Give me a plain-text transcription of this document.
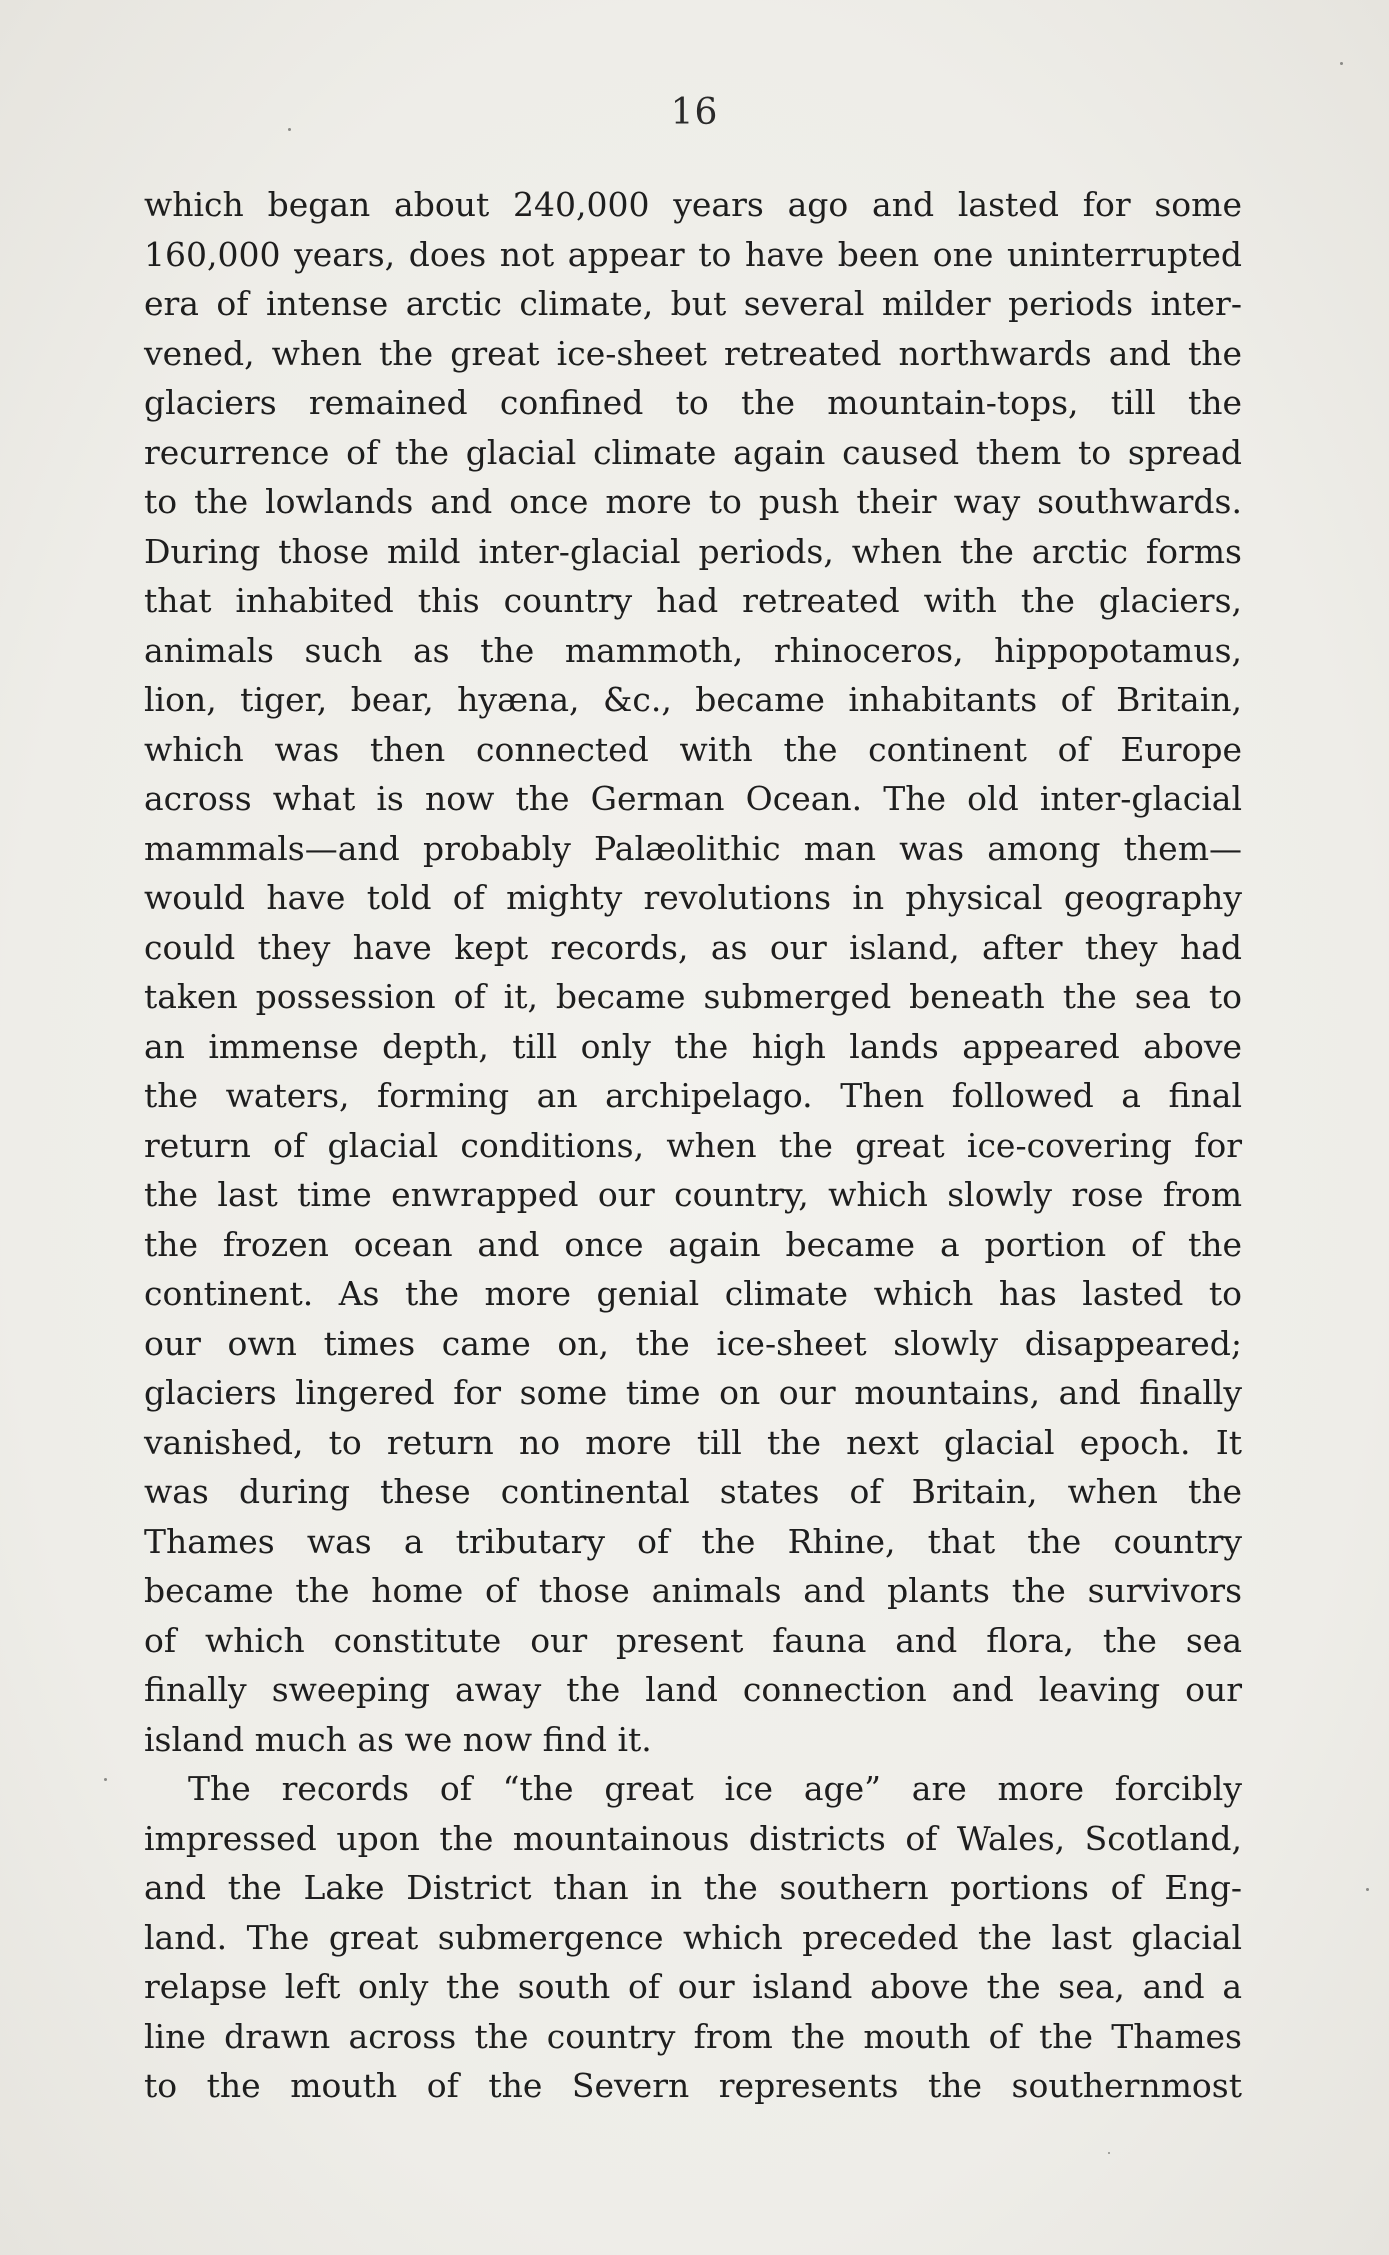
16
which began about 240,000 years ago and lasted for some
160,000 years, does not appear to have been one uninterrupted
era of intense arctic climate, but several milder periods inter-
vened, when the great ice-sheet retreated northwards and the
glaciers remained confined to the mountain-tops, till the
recurrence of the glacial climate again caused them to spread
to the lowlands and once more to push their way southwards.
During those mild inter-glacial periods, when the arctic forms
that inhabited this country had retreated with the glaciers,
animals such as the mammoth, rhinoceros, hippopotamus,
lion, tiger, bear, hyæna, &c., became inhabitants of Britain,
which was then connected with the continent of Europe
across what is now the German Ocean. The old inter-glacial
mammals—and probably Palæolithic man was among them—
would have told of mighty revolutions in physical geography
could they have kept records, as our island, after they had
taken possession of it, became submerged beneath the sea to
an immense depth, till only the high lands appeared above
the waters, forming an archipelago. Then followed a final
return of glacial conditions, when the great ice-covering for
the last time enwrapped our country, which slowly rose from
the frozen ocean and once again became a portion of the
continent. As the more genial climate which has lasted to
our own times came on, the ice-sheet slowly disappeared;
glaciers lingered for some time on our mountains, and finally
vanished, to return no more till the next glacial epoch. It
was during these continental states of Britain, when the
Thames was a tributary of the Rhine, that the country
became the home of those animals and plants the survivors
of which constitute our present fauna and flora, the sea
finally sweeping away the land connection and leaving our
island much as we now find it.
The records of “the great ice age” are more forcibly
impressed upon the mountainous districts of Wales, Scotland,
and the Lake District than in the southern portions of Eng-
land. The great submergence which preceded the last glacial
relapse left only the south of our island above the sea, and a
line drawn across the country from the mouth of the Thames
to the mouth of the Severn represents the southernmost
